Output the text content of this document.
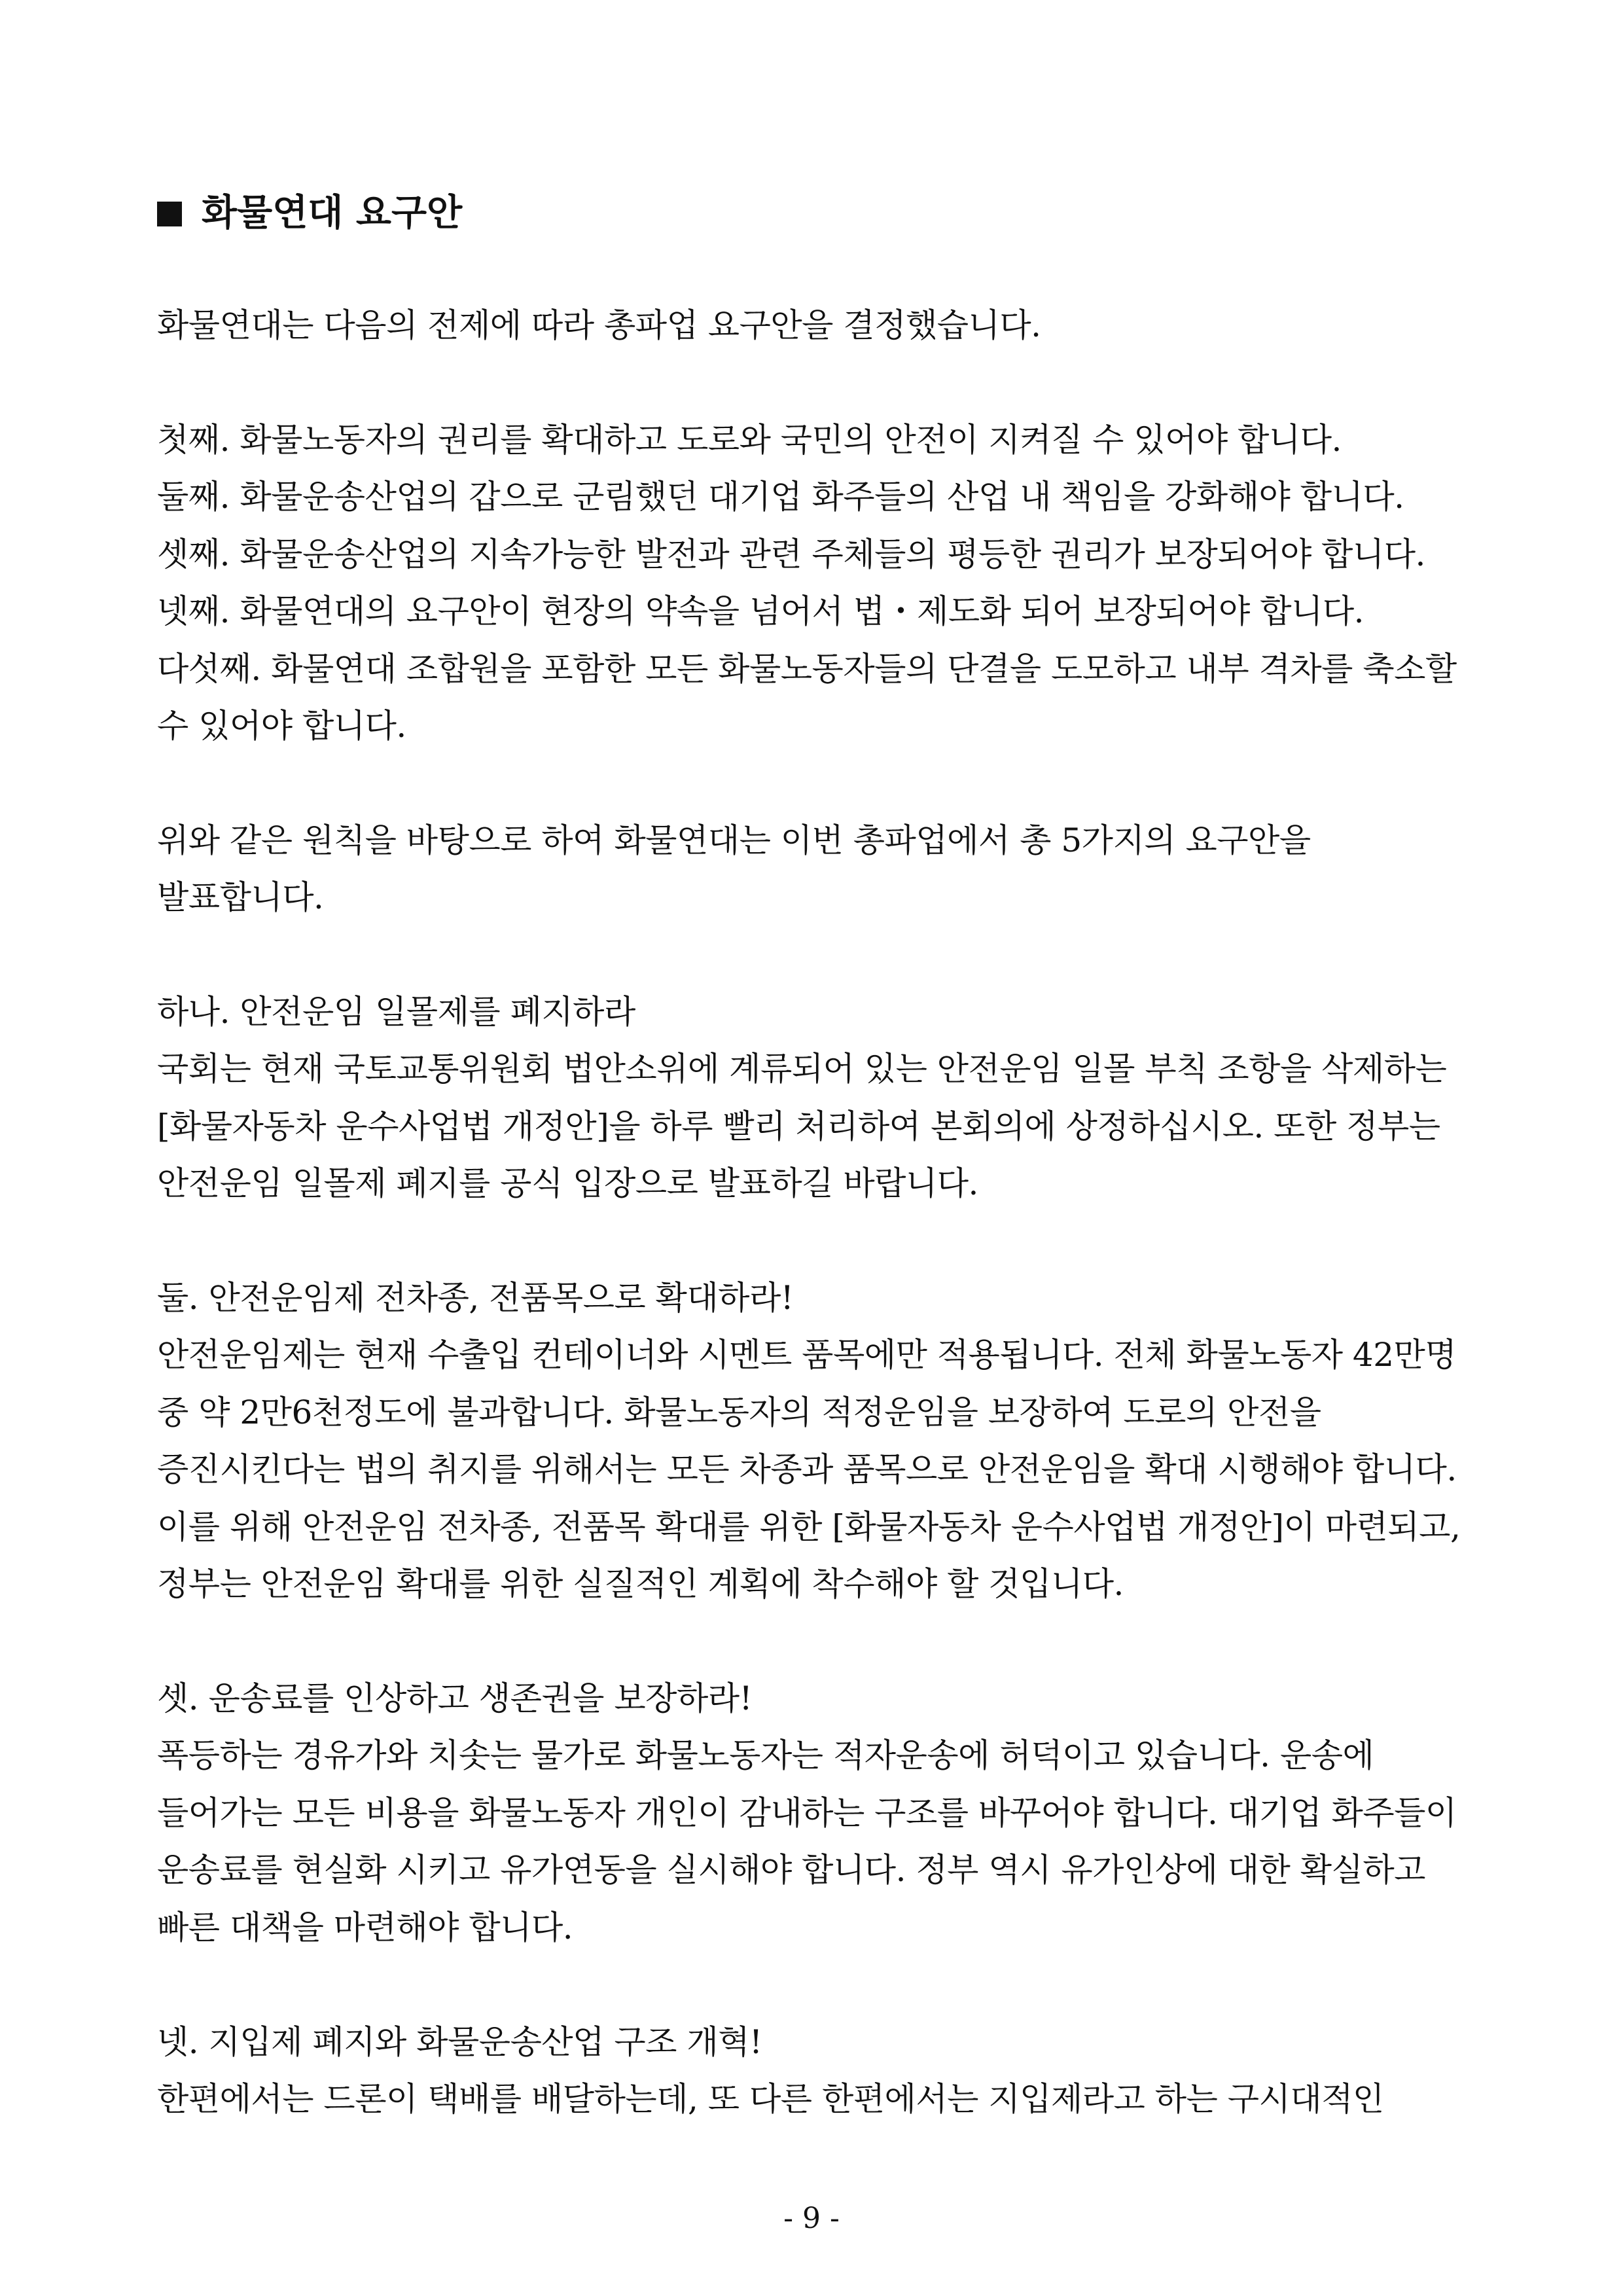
화물연대 요구안
화물연대는 다음의 전제에 따라 총파업 요구안을 결정했습니다.
첫째. 화물노동자의 권리를 확대하고 도로와 국민의 안전이 지켜질 수 있어야 합니다.
둘째. 화물운송산업의 갑으로 군림했던 대기업 화주들의 산업 내 책임을 강화해야 합니다.
셋째. 화물운송산업의 지속가능한 발전과 관련 주체들의 평등한 권리가 보장되어야 합니다.
넷째. 화물연대의 요구안이 현장의 약속을 넘어서 법・제도화 되어 보장되어야 합니다.
다섯째. 화물연대 조합원을 포함한 모든 화물노동자들의 단결을 도모하고 내부 격차를 축소할
수 있어야 합니다.
위와 같은 원칙을 바탕으로 하여 화물연대는 이번 총파업에서 총 5가지의 요구안을
발표합니다.
하나. 안전운임 일몰제를 폐지하라
국회는 현재 국토교통위원회 법안소위에 계류되어 있는 안전운임 일몰 부칙 조항을 삭제하는
[화물자동차 운수사업법 개정안]을 하루 빨리 처리하여 본회의에 상정하십시오. 또한 정부는
안전운임 일몰제 폐지를 공식 입장으로 발표하길 바랍니다.
둘. 안전운임제 전차종, 전품목으로 확대하라!
안전운임제는 현재 수출입 컨테이너와 시멘트 품목에만 적용됩니다. 전체 화물노동자 42만명
중 약 2만6천정도에 불과합니다. 화물노동자의 적정운임을 보장하여 도로의 안전을
증진시킨다는 법의 취지를 위해서는 모든 차종과 품목으로 안전운임을 확대 시행해야 합니다.
이를 위해 안전운임 전차종, 전품목 확대를 위한 [화물자동차 운수사업법 개정안]이 마련되고,
정부는 안전운임 확대를 위한 실질적인 계획에 착수해야 할 것입니다.
셋. 운송료를 인상하고 생존권을 보장하라!
폭등하는 경유가와 치솟는 물가로 화물노동자는 적자운송에 허덕이고 있습니다. 운송에
들어가는 모든 비용을 화물노동자 개인이 감내하는 구조를 바꾸어야 합니다. 대기업 화주들이
운송료를 현실화 시키고 유가연동을 실시해야 합니다. 정부 역시 유가인상에 대한 확실하고
빠른 대책을 마련해야 합니다.
넷. 지입제 폐지와 화물운송산업 구조 개혁!
한편에서는 드론이 택배를 배달하는데, 또 다른 한편에서는 지입제라고 하는 구시대적인
- 9 -
